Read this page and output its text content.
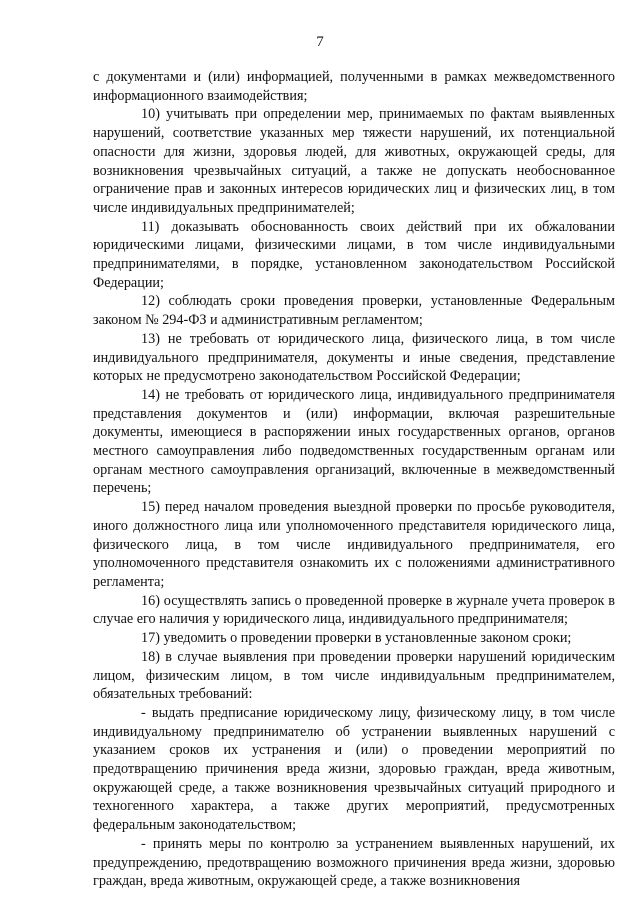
7

с документами и (или) информацией, полученными в рамках межведомственного информационного взаимодействия;

10) учитывать при определении мер, принимаемых по фактам выявленных нарушений, соответствие указанных мер тяжести нарушений, их потенциальной опасности для жизни, здоровья людей, для животных, окружающей среды, для возникновения чрезвычайных ситуаций, а также не допускать необоснованное ограничение прав и законных интересов юридических лиц и физических лиц, в том числе индивидуальных предпринимателей;

11) доказывать обоснованность своих действий при их обжаловании юридическими лицами, физическими лицами, в том числе индивидуальными предпринимателями, в порядке, установленном законодательством Российской Федерации;

12) соблюдать сроки проведения проверки, установленные Федеральным законом № 294-ФЗ и административным регламентом;

13) не требовать от юридического лица, физического лица, в том числе индивидуального предпринимателя, документы и иные сведения, представление которых не предусмотрено законодательством Российской Федерации;

14) не требовать от юридического лица, индивидуального предпринимателя представления документов и (или) информации, включая разрешительные документы, имеющиеся в распоряжении иных государственных органов, органов местного самоуправления либо подведомственных государственным органам или органам местного самоуправления организаций, включенные в межведомственный перечень;

15) перед началом проведения выездной проверки по просьбе руководителя, иного должностного лица или уполномоченного представителя юридического лица, физического лица, в том числе индивидуального предпринимателя, его уполномоченного представителя ознакомить их с положениями административного регламента;

16) осуществлять запись о проведенной проверке в журнале учета проверок в случае его наличия у юридического лица, индивидуального предпринимателя;

17) уведомить о проведении проверки в установленные законом сроки;

18) в случае выявления при проведении проверки нарушений юридическим лицом, физическим лицом, в том числе индивидуальным предпринимателем, обязательных требований:

- выдать предписание юридическому лицу, физическому лицу, в том числе индивидуальному предпринимателю об устранении выявленных нарушений с указанием сроков их устранения и (или) о проведении мероприятий по предотвращению причинения вреда жизни, здоровью граждан, вреда животным, окружающей среде, а также возникновения чрезвычайных ситуаций природного и техногенного характера, а также других мероприятий, предусмотренных федеральным законодательством;

- принять меры по контролю за устранением выявленных нарушений, их предупреждению, предотвращению возможного причинения вреда жизни, здоровью граждан, вреда животным, окружающей среде, а также возникновения
